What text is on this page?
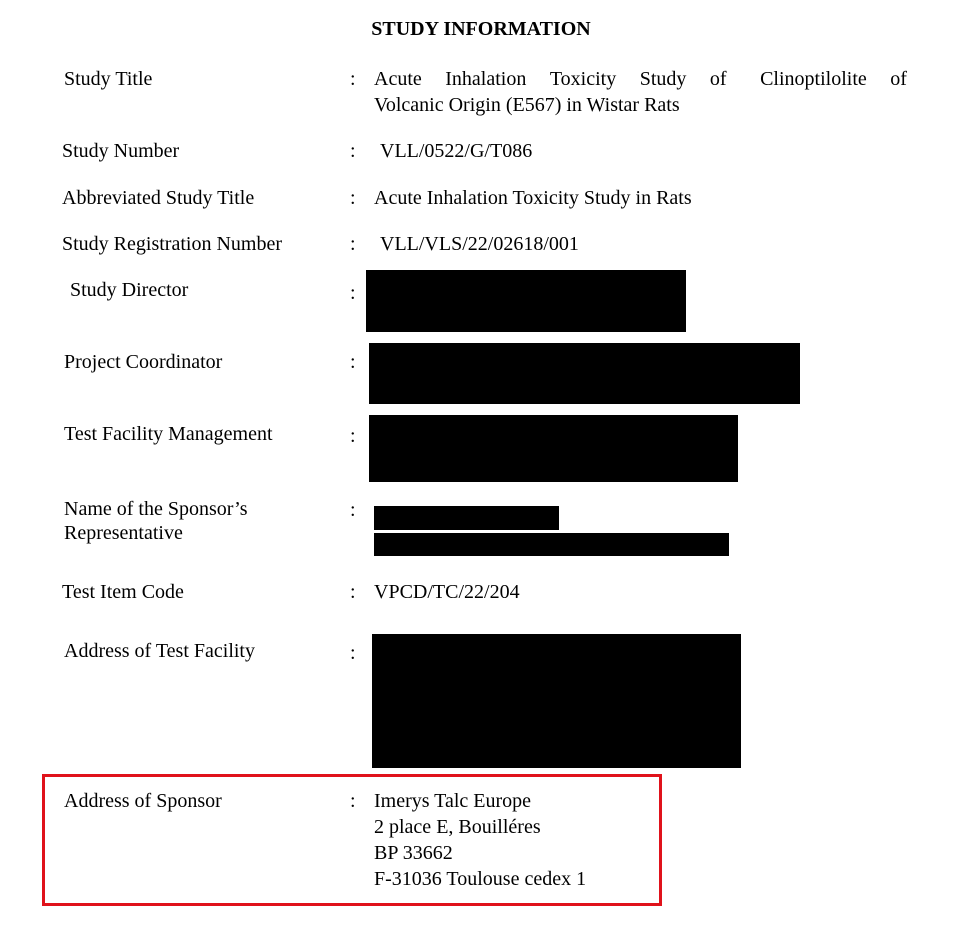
STUDY INFORMATION
Study Title	: Acute Inhalation Toxicity Study of Clinoptilolite of
Volcanic Origin (E567) in Wistar Rats
Study Number	: VLL/0522/G/T086
Abbreviated Study Title	: Acute Inhalation Toxicity Study in Rats
Study Registration Number	: VLL/VLS/22/02618/001
Study Director	:
Project Coordinator	:
Test Facility Management	:
Name of the Sponsor’s
Representative
:
Test Item Code	: VPCD/TC/22/204
Address of Test Facility	:
Address of Sponsor	: Imerys Talc Europe
2 place E, Bouilléres
BP 33662
F-31036 Toulouse cedex 1
